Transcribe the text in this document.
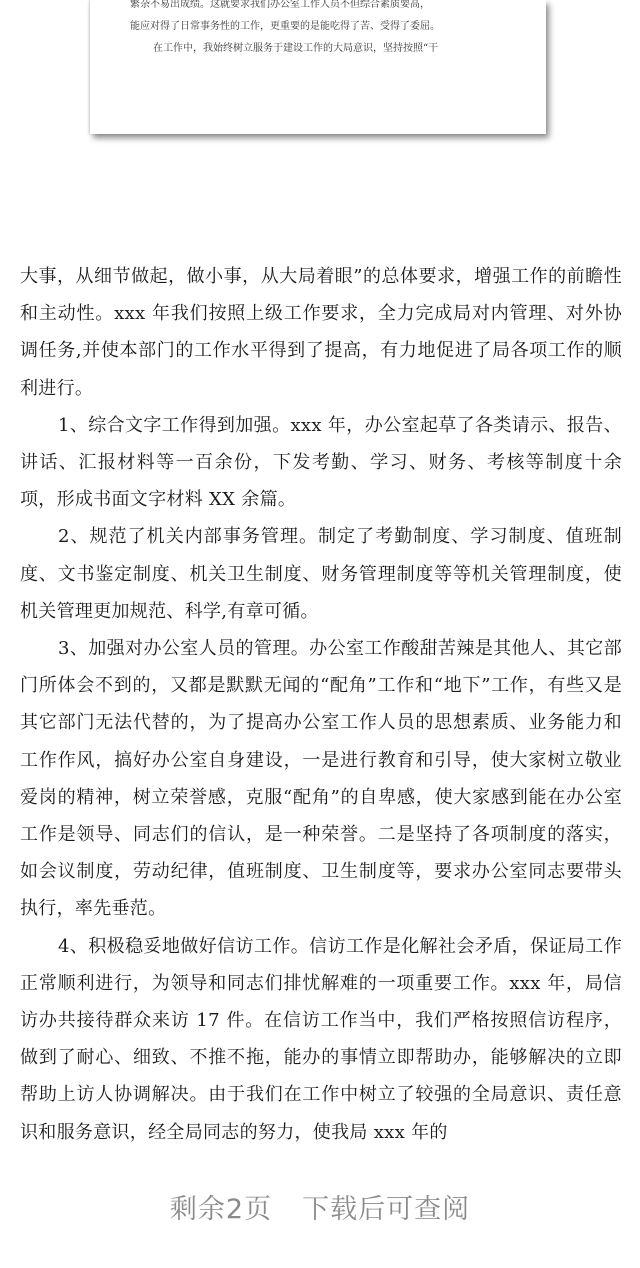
繁杂不易出成绩。这就要求我们办公室工作人员不但综合素质要高，

能应对得了日常事务性的工作，更重要的是能吃得了苦、受得了委屈。

在工作中，我始终树立服务于建设工作的大局意识，坚持按照“干

大事，从细节做起，做小事，从大局着眼”的总体要求，增强工作的前瞻性和主动性。xxx 年我们按照上级工作要求，全力完成局对内管理、对外协调任务,并使本部门的工作水平得到了提高，有力地促进了局各项工作的顺利进行。

1、综合文字工作得到加强。xxx 年，办公室起草了各类请示、报告、讲话、汇报材料等一百余份，下发考勤、学习、财务、考核等制度十余项，形成书面文字材料 XX 余篇。

2、规范了机关内部事务管理。制定了考勤制度、学习制度、值班制度、文书鉴定制度、机关卫生制度、财务管理制度等等机关管理制度，使机关管理更加规范、科学,有章可循。

3、加强对办公室人员的管理。办公室工作酸甜苦辣是其他人、其它部门所体会不到的，又都是默默无闻的“配角”工作和“地下”工作，有些又是其它部门无法代替的，为了提高办公室工作人员的思想素质、业务能力和工作作风，搞好办公室自身建设，一是进行教育和引导，使大家树立敬业爱岗的精神，树立荣誉感，克服“配角”的自卑感，使大家感到能在办公室工作是领导、同志们的信认，是一种荣誉。二是坚持了各项制度的落实，如会议制度，劳动纪律，值班制度、卫生制度等，要求办公室同志要带头执行，率先垂范。

4、积极稳妥地做好信访工作。信访工作是化解社会矛盾，保证局工作正常顺利进行，为领导和同志们排忧解难的一项重要工作。xxx 年，局信访办共接待群众来访 17 件。在信访工作当中，我们严格按照信访程序，做到了耐心、细致、不推不拖，能办的事情立即帮助办，能够解决的立即帮助上访人协调解决。由于我们在工作中树立了较强的全局意识、责任意识和服务意识，经全局同志的努力，使我局 xxx 年的

剩余2页 下载后可查阅
